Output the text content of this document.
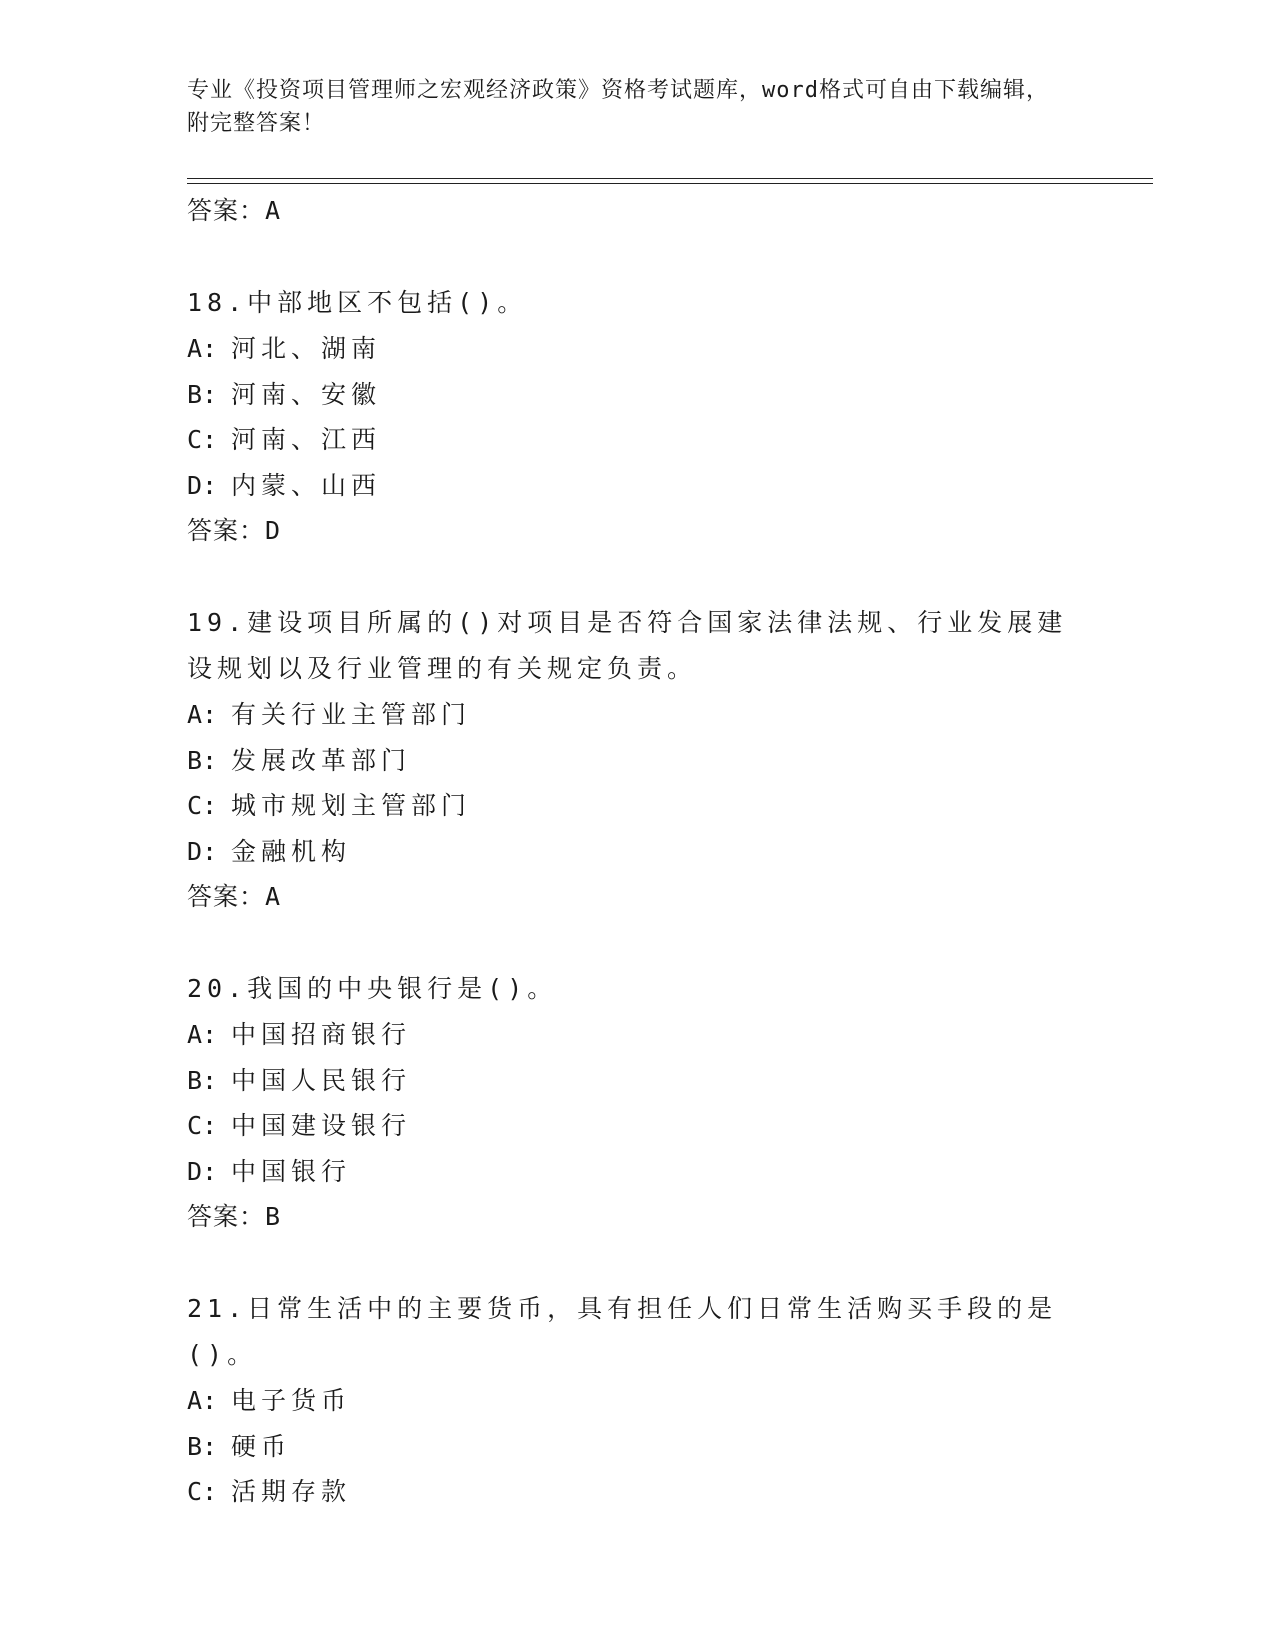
专业《投资项目管理师之宏观经济政策》资格考试题库，word格式可自由下载编辑，附完整答案！

答案：A

18.中部地区不包括()。

A: 河北、湖南

B: 河南、安徽

C: 河南、江西

D: 内蒙、山西

答案：D

19.建设项目所属的()对项目是否符合国家法律法规、行业发展建设规划以及行业管理的有关规定负责。

A: 有关行业主管部门

B: 发展改革部门

C: 城市规划主管部门

D: 金融机构

答案：A

20.我国的中央银行是()。

A: 中国招商银行

B: 中国人民银行

C: 中国建设银行

D: 中国银行

答案：B

21.日常生活中的主要货币，具有担任人们日常生活购买手段的是()。

A: 电子货币

B: 硬币

C: 活期存款
